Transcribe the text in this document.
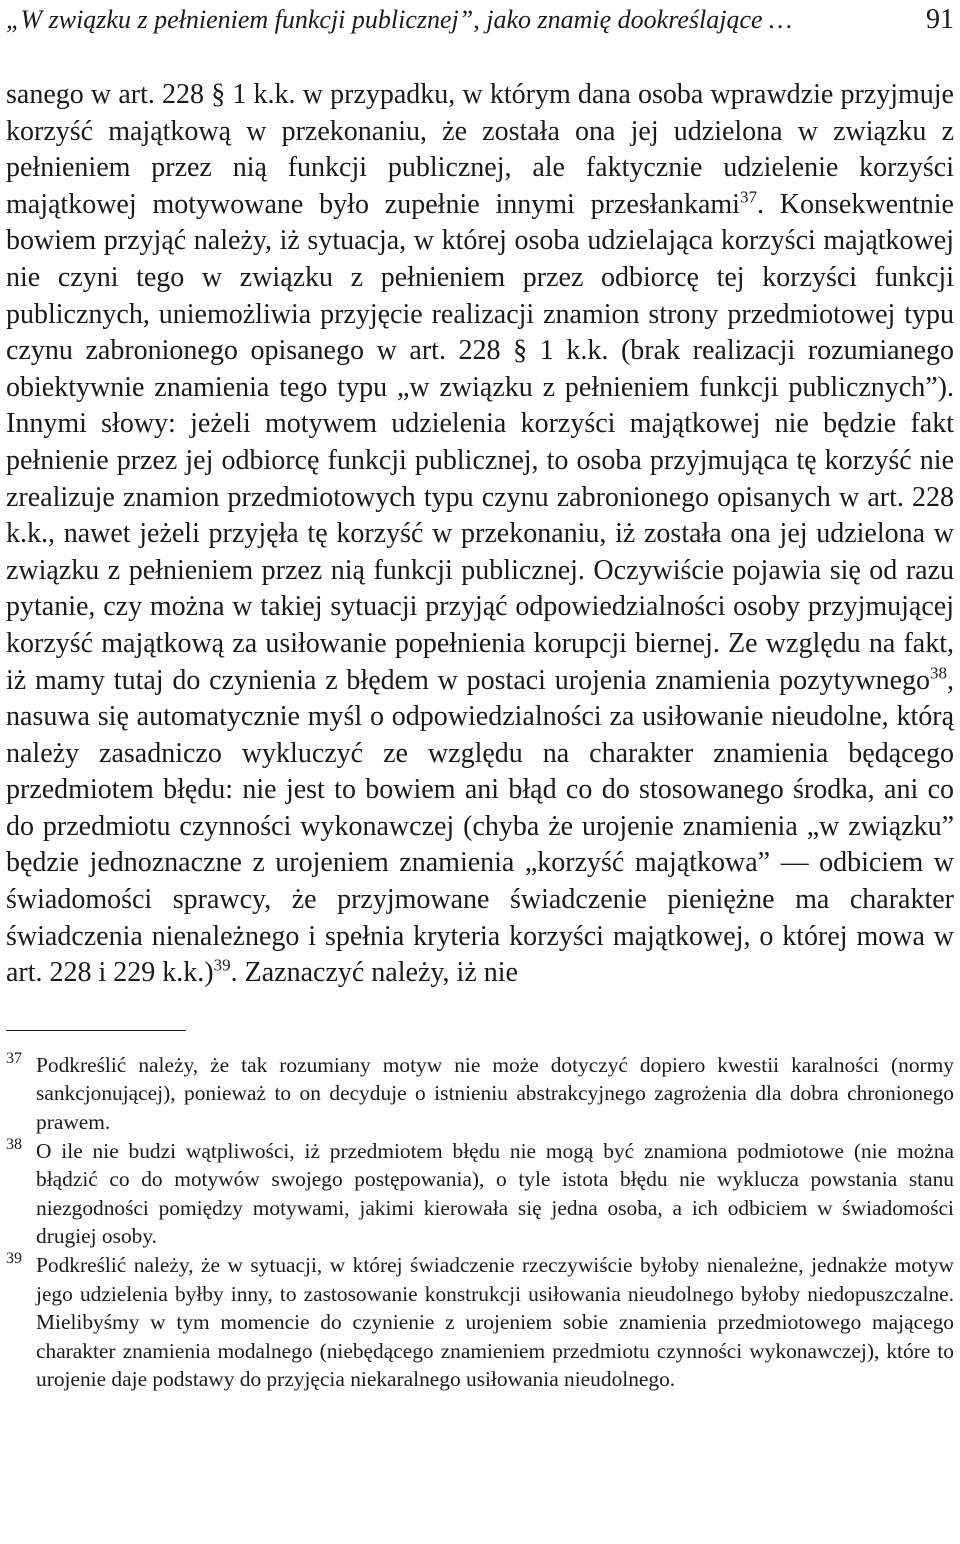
„W związku z pełnieniem funkcji publicznej”, jako znamię dookreślające …	91

sanego w art. 228 § 1 k.k. w przypadku, w którym dana osoba wprawdzie przyjmuje korzyść majątkową w przekonaniu, że została ona jej udzielona w związku z pełnieniem przez nią funkcji publicznej, ale faktycznie udzielenie korzyści majątkowej motywowane było zupełnie innymi przesłankami$^{37}$. Konsekwentnie bowiem przyjąć należy, iż sytuacja, w której osoba udzielająca korzyści majątkowej nie czyni tego w związku z pełnieniem przez odbiorcę tej korzyści funkcji publicznych, uniemożliwia przyjęcie realizacji znamion strony przedmiotowej typu czynu zabronionego opisanego w art. 228 § 1 k.k. (brak realizacji rozumianego obiektywnie znamienia tego typu „w związku z pełnieniem funkcji publicznych”). Innymi słowy: jeżeli motywem udzielenia korzyści majątkowej nie będzie fakt pełnienie przez jej odbiorcę funkcji publicznej, to osoba przyjmująca tę korzyść nie zrealizuje znamion przedmiotowych typu czynu zabronionego opisanych w art. 228 k.k., nawet jeżeli przyjęła tę korzyść w przekonaniu, iż została ona jej udzielona w związku z pełnieniem przez nią funkcji publicznej. Oczywiście pojawia się od razu pytanie, czy można w takiej sytuacji przyjąć odpowiedzialności osoby przyjmującej korzyść majątkową za usiłowanie popełnienia korupcji biernej. Ze względu na fakt, iż mamy tutaj do czynienia z błędem w postaci urojenia znamienia pozytywnego$^{38}$, nasuwa się automatycznie myśl o odpowiedzialności za usiłowanie nieudolne, którą należy zasadniczo wykluczyć ze względu na charakter znamienia będącego przedmiotem błędu: nie jest to bowiem ani błąd co do stosowanego środka, ani co do przedmiotu czynności wykonawczej (chyba że urojenie znamienia „w związku” będzie jednoznaczne z urojeniem znamienia „korzyść majątkowa” — odbiciem w świadomości sprawcy, że przyjmowane świadczenie pieniężne ma charakter świadczenia nienależnego i spełnia kryteria korzyści majątkowej, o której mowa w art. 228 i 229 k.k.)$^{39}$. Zaznaczyć należy, iż nie

37 Podkreślić należy, że tak rozumiany motyw nie może dotyczyć dopiero kwestii karalności (normy sankcjonującej), ponieważ to on decyduje o istnieniu abstrakcyjnego zagrożenia dla dobra chronionego prawem.

38 O ile nie budzi wątpliwości, iż przedmiotem błędu nie mogą być znamiona podmiotowe (nie można błądzić co do motywów swojego postępowania), o tyle istota błędu nie wyklucza powstania stanu niezgodności pomiędzy motywami, jakimi kierowała się jedna osoba, a ich odbiciem w świadomości drugiej osoby.

39 Podkreślić należy, że w sytuacji, w której świadczenie rzeczywiście byłoby nienależne, jednakże motyw jego udzielenia byłby inny, to zastosowanie konstrukcji usiłowania nieudolnego byłoby niedopuszczalne. Mielibyśmy w tym momencie do czynienie z urojeniem sobie znamienia przedmiotowego mającego charakter znamienia modalnego (niebędącego znamieniem przedmiotu czynności wykonawczej), które to urojenie daje podstawy do przyjęcia niekaralnego usiłowania nieudolnego.
